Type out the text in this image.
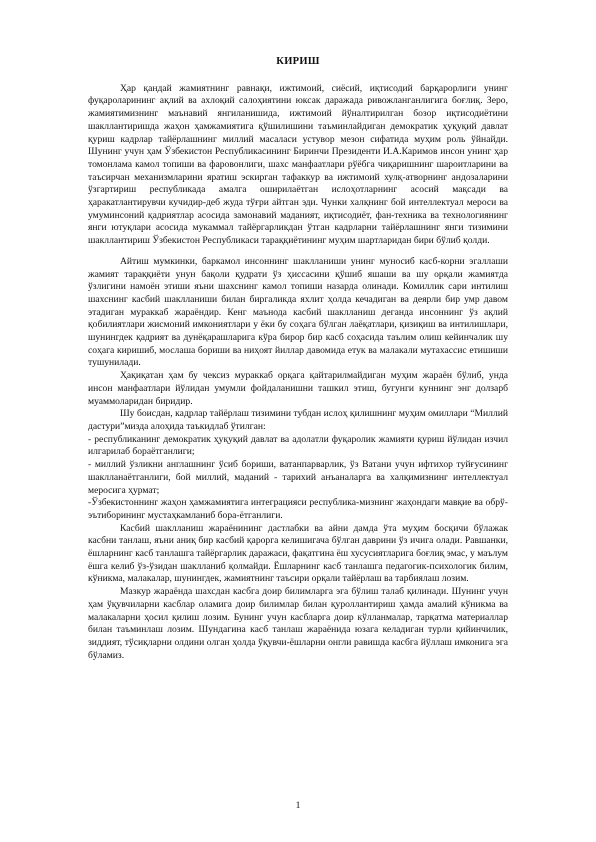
КИРИШ

Ҳар қандай жамиятнинг равнақи, ижтимоий, сиёсий, иқтисодий барқарорлиги унинг фуқароларининг ақлий ва ахлоқий салоҳиятини юксак даражада ривожланганлигига боғлиқ. Зеро, жамиятимизнинг маънавий янгиланишида, ижтимоий йўналтирилган бозор иқтисодиётини шакллантиришда жаҳон ҳамжамиятига қўшилишини таъминлайдиган демократик ҳуқуқий давлат қуриш кадрлар тайёрлашнинг миллий масаласи устувор мезон сифатида муҳим роль ўйнайди. Шунинг учун ҳам Ўзбекистон Республикасининг Биринчи Президенти И.А.Каримов инсон унинг ҳар томонлама камол топиши ва фаровонлиги, шахс манфаатлари рўёбга чиқаришнинг шароитларини ва таъсирчан механизмларини яратиш эскирган тафаккур ва ижтимоий хулқ-атворнинг андозаларини ўзгартириш республикада амалга оширилаётган ислоҳотларнинг асосий мақсади ва ҳаракатлантирувчи кучидир-деб жуда тўғри айтган эди. Чунки халқнинг бой интеллектуал мероси ва умуминсоний қадриятлар асосида замонавий маданият, иқтисодиёт, фан-техника ва технологиянинг янги ютуқлари асосида мукаммал тайёргарликдан ўтган кадрларни тайёрлашнинг янги тизимини шакллантириш Ўзбекистон Республикаси тараққиётининг муҳим шартларидан бири бўлиб қолди.

Айтиш мумкинки, баркамол инсоннинг шаклланиши унинг муносиб касб-корни эгаллаши жамият тараққиёти унун бақоли қудрати ўз ҳиссасини қўшиб яшаши ва шу орқали жамиятда ўзлигини намоён этиши яъни шахснинг камол топиши назарда олинади. Комиллик сари интилиш шахснинг касбий шаклланиши билан биргаликда яхлит ҳолда кечадиган ва деярли бир умр давом этадиган мураккаб жараёндир. Кенг маънода касбий шаклланиш деганда инсоннинг ўз ақлий қобилиятлари жисмоний имкониятлари у ёки бу соҳага бўлган лаёқатлари, қизиқиш ва интилишлари, шунингдек қадрият ва дунёқарашларига кўра бирор бир касб соҳасида таълим олиш кейинчалик шу соҳага киришиб, мослаша бориши ва ниҳоят йиллар давомида етук ва малакали мутахассис етишиши тушунилади.

Ҳақиқатан ҳам бу чексиз мураккаб орқага қайтарилмайдиган муҳим жараён бўлиб, унда инсон манфаатлари йўлидан умумли фойдаланишни ташкил этиш, бугунги куннинг энг долзарб муаммоларидан биридир.

Шу боисдан, кадрлар тайёрлаш тизимини тубдан ислоҳ қилишнинг муҳим омиллари “Миллий дастури”мизда алоҳида таъкидлаб ўтилган:

- республиканинг демократик ҳуқуқий давлат ва адолатли фуқаролик жамияти қуриш йўлидан изчил илгарилаб бораётганлиги;

- миллий ўзликни англашнинг ўсиб бориши, ватанпарварлик, ўз Ватани учун ифтихор туйғусининг шаклланаётганлиги, бой миллий, маданий - тарихий анъаналарга ва халқимизнинг интеллектуал меросига ҳурмат;

-Ўзбекистоннинг жаҳон ҳамжамиятига интеграцияси республика-мизнинг жаҳондаги мавқие ва обрў-эътиборининг мустаҳкамланиб бора-ётганлиги.

Касбий шаклланиш жараёнининг дастлабки ва айни дамда ўта муҳим босқичи бўлажак касбни танлаш, яъни аниқ бир касбий қарорга келишигача бўлган даврини ўз ичига олади. Равшанки, ёшларнинг касб танлашга тайёргарлик даражаси, фақатгина ёш хусусиятларига боғлиқ эмас, у маълум ёшга келиб ўз-ўзидан шаклланиб қолмайди. Ёшларнинг касб танлашга педагогик-психологик билим, кўникма, малакалар, шунингдек, жамиятнинг таъсири орқали тайёрлаш ва тарбиялаш лозим.

Мазкур жараёнда шахсдан касбга доир билимларга эга бўлиш талаб қилинади. Шунинг учун ҳам ўқувчиларни касблар оламига доир билимлар билан қуроллантириш ҳамда амалий кўникма ва малакаларни ҳосил қилиш лозим. Бунинг учун касбларга доир кўлланмалар, тарқатма материаллар билан таъминлаш лозим. Шундагина касб танлаш жараёнида юзага келадиган турли қийинчилик, зиддият, тўсиқларни олдини олган ҳолда ўқувчи-ёшларни онгли равишда касбга йўллаш имконига эга бўламиз.

1
